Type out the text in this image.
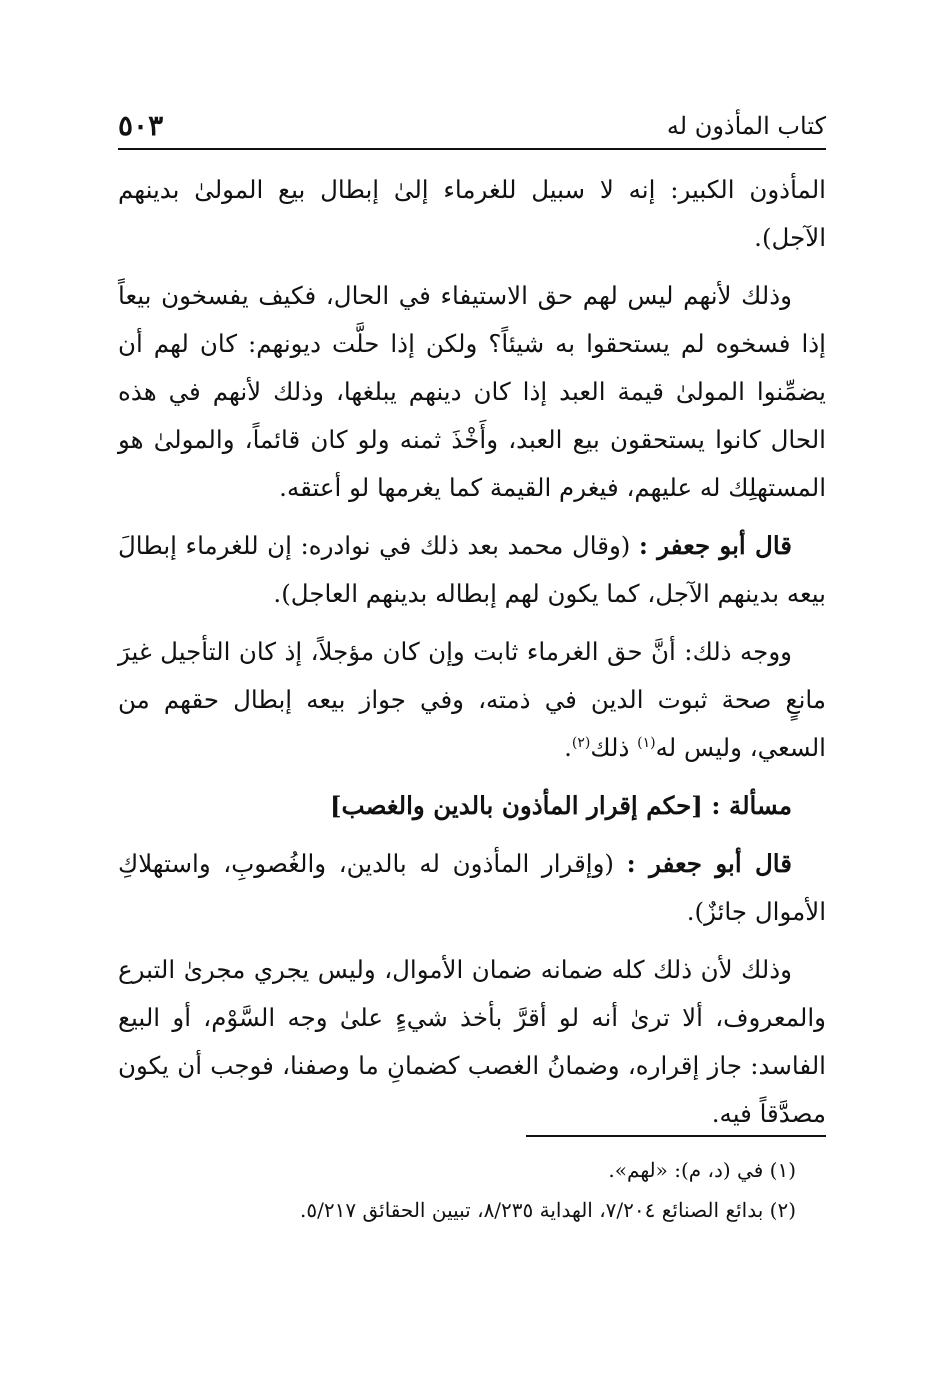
كتاب المأذون له
٥٠٣

المأذون الكبير: إنه لا سبيل للغرماء إلىٰ إبطال بيع المولىٰ بدينهم الآجل).

وذلك لأنهم ليس لهم حق الاستيفاء في الحال، فكيف يفسخون بيعاً إذا فسخوه لم يستحقوا به شيئاً؟ ولكن إذا حلَّت ديونهم: كان لهم أن يضمِّنوا المولىٰ قيمة العبد إذا كان دينهم يبلغها، وذلك لأنهم في هذه الحال كانوا يستحقون بيع العبد، وأَخْذَ ثمنه ولو كان قائماً، والمولىٰ هو المستهلِك له عليهم، فيغرم القيمة كما يغرمها لو أعتقه.

قال أبو جعفر : (وقال محمد بعد ذلك في نوادره: إن للغرماء إبطالَ بيعه بدينهم الآجل، كما يكون لهم إبطاله بدينهم العاجل).

ووجه ذلك: أنَّ حق الغرماء ثابت وإن كان مؤجلاً، إذ كان التأجيل غيرَ مانعٍ صحة ثبوت الدين في ذمته، وفي جواز بيعه إبطال حقهم من السعي، وليس له$^{(١)}$ ذلك$^{(٢)}$.

مسألة : [حكم إقرار المأذون بالدين والغصب]

قال أبو جعفر : (وإقرار المأذون له بالدين، والغُصوبِ، واستهلاكِ الأموال جائزٌ).

وذلك لأن ذلك كله ضمانه ضمان الأموال، وليس يجري مجرىٰ التبرع والمعروف، ألا ترىٰ أنه لو أقرَّ بأخذ شيءٍ علىٰ وجه السَّوْم، أو البيع الفاسد: جاز إقراره، وضمانُ الغصب كضمانِ ما وصفنا، فوجب أن يكون مصدَّقاً فيه.

(١) في (د، م): «لهم».

(٢) بدائع الصنائع ٧/٢٠٤، الهداية ٨/٢٣٥، تبيين الحقائق ٥/٢١٧.
